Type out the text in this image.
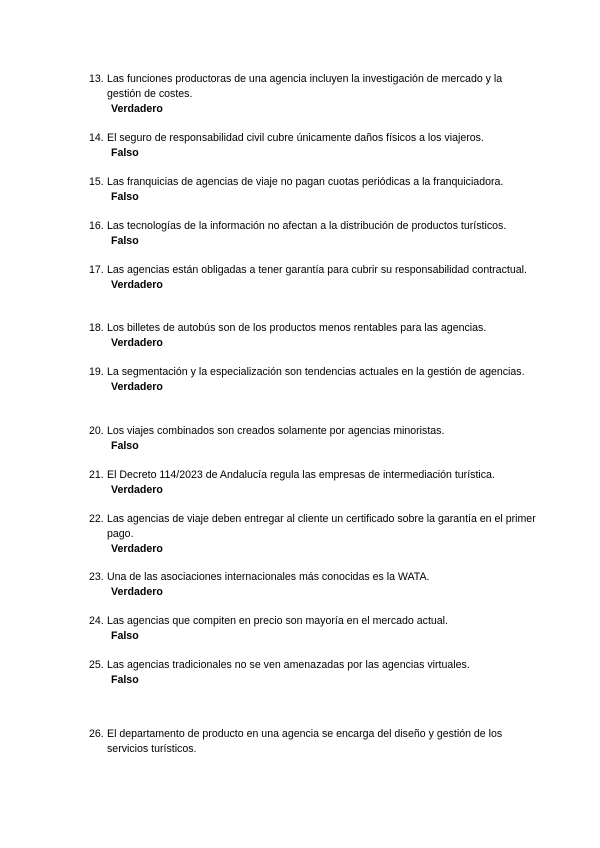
13. Las funciones productoras de una agencia incluyen la investigación de mercado y la gestión de costes.

Verdadero

14. El seguro de responsabilidad civil cubre únicamente daños físicos a los viajeros.

Falso

15. Las franquicias de agencias de viaje no pagan cuotas periódicas a la franquiciadora.

Falso

16. Las tecnologías de la información no afectan a la distribución de productos turísticos.

Falso

17. Las agencias están obligadas a tener garantía para cubrir su responsabilidad contractual.

Verdadero

18. Los billetes de autobús son de los productos menos rentables para las agencias.

Verdadero

19. La segmentación y la especialización son tendencias actuales en la gestión de agencias.

Verdadero

20. Los viajes combinados son creados solamente por agencias minoristas.

Falso

21. El Decreto 114/2023 de Andalucía regula las empresas de intermediación turística.

Verdadero

22. Las agencias de viaje deben entregar al cliente un certificado sobre la garantía en el primer pago.

Verdadero

23. Una de las asociaciones internacionales más conocidas es la WATA.

Verdadero

24. Las agencias que compiten en precio son mayoría en el mercado actual.

Falso

25. Las agencias tradicionales no se ven amenazadas por las agencias virtuales.

Falso

26. El departamento de producto en una agencia se encarga del diseño y gestión de los servicios turísticos.
